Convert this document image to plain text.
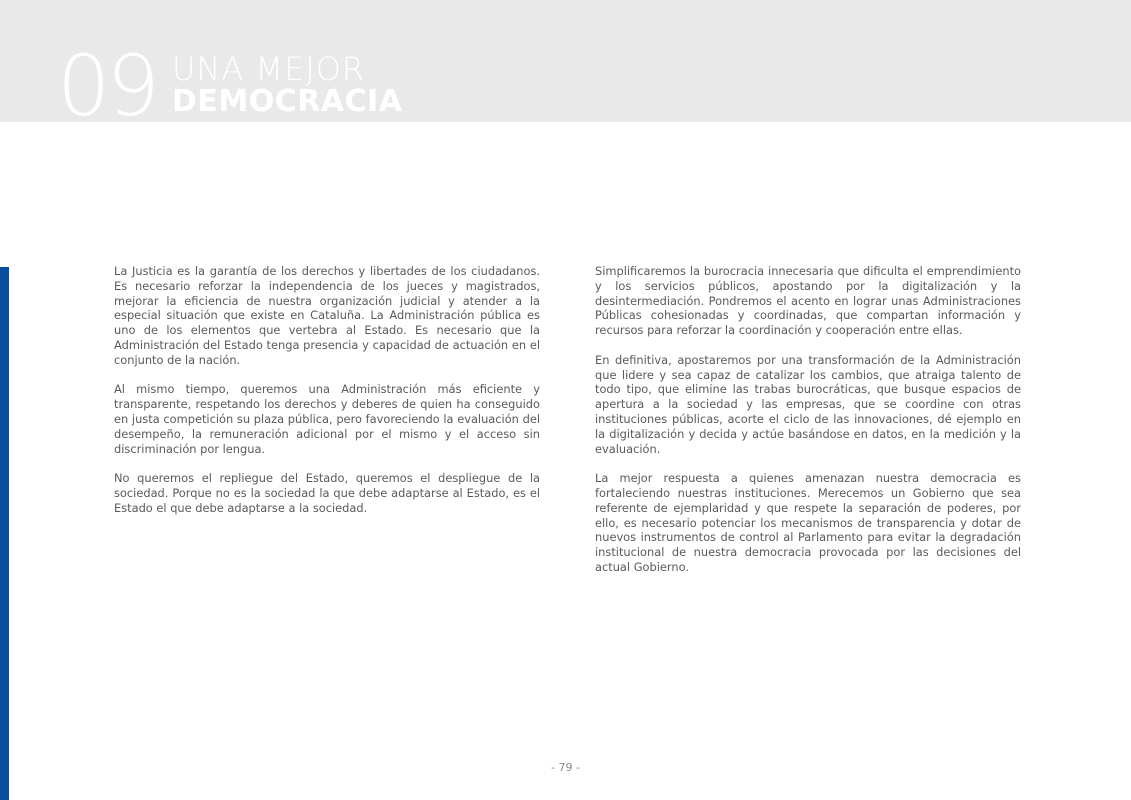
09 UNA MEJOR
DEMOCRACIA

La Justicia es la garantía de los derechos y libertades de los ciudadanos. Es necesario reforzar la independencia de los jueces y magistrados, mejorar la eficiencia de nuestra organización judicial y atender a la especial situación que existe en Cataluña. La Administración pública es uno de los elementos que vertebra al Estado. Es necesario que la Administración del Estado tenga presencia y capacidad de actuación en el conjunto de la nación.

Al mismo tiempo, queremos una Administración más eficiente y transparente, respetando los derechos y deberes de quien ha conseguido en justa competición su plaza pública, pero favoreciendo la evaluación del desempeño, la remuneración adicional por el mismo y el acceso sin discriminación por lengua.

No queremos el repliegue del Estado, queremos el despliegue de la sociedad. Porque no es la sociedad la que debe adaptarse al Estado, es el Estado el que debe adaptarse a la sociedad.

Simplificaremos la burocracia innecesaria que dificulta el emprendimiento y los servicios públicos, apostando por la digitalización y la desintermediación. Pondremos el acento en lograr unas Administraciones Públicas cohesionadas y coordinadas, que compartan información y recursos para reforzar la coordinación y cooperación entre ellas.

En definitiva, apostaremos por una transformación de la Administración que lidere y sea capaz de catalizar los cambios, que atraiga talento de todo tipo, que elimine las trabas burocráticas, que busque espacios de apertura a la sociedad y las empresas, que se coordine con otras instituciones públicas, acorte el ciclo de las innovaciones, dé ejemplo en la digitalización y decida y actúe basándose en datos, en la medición y la evaluación.

La mejor respuesta a quienes amenazan nuestra democracia es fortaleciendo nuestras instituciones. Merecemos un Gobierno que sea referente de ejemplaridad y que respete la separación de poderes, por ello, es necesario potenciar los mecanismos de transparencia y dotar de nuevos instrumentos de control al Parlamento para evitar la degradación institucional de nuestra democracia provocada por las decisiones del actual Gobierno.

- 79 -
